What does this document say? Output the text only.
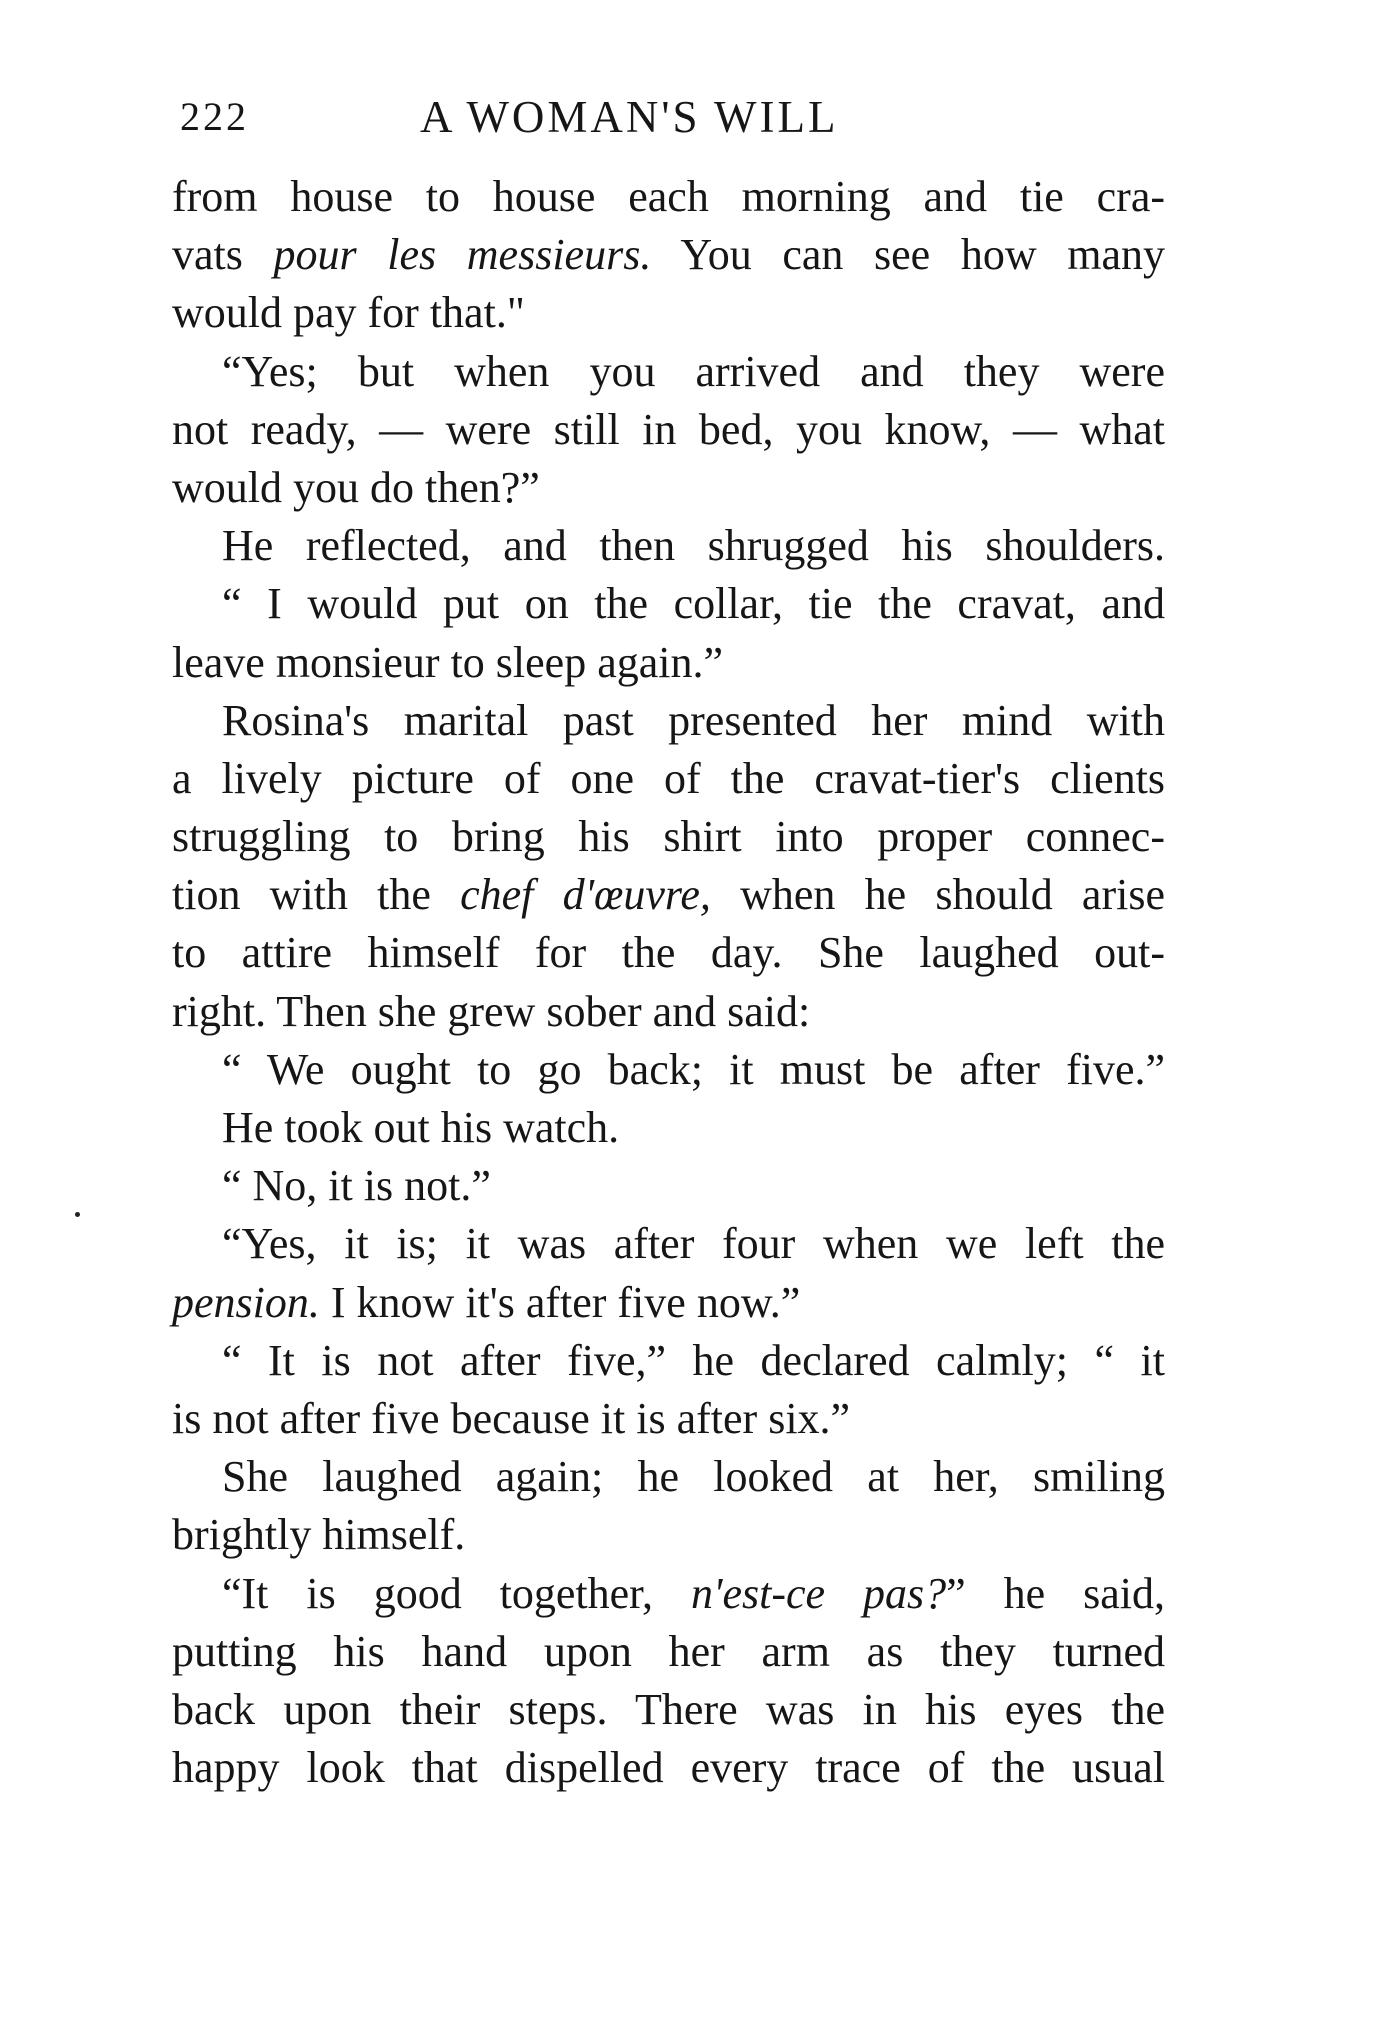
222	A WOMAN'S WILL
from house to house each morning and tie cra-
vats pour les messieurs. You can see how many
would pay for that."
“Yes; but when you arrived and they were
not ready, — were still in bed, you know, — what
would you do then?”
He reflected, and then shrugged his shoulders.
“ I would put on the collar, tie the cravat, and
leave monsieur to sleep again.”
Rosina's marital past presented her mind with
a lively picture of one of the cravat-tier's clients
struggling to bring his shirt into proper connec-
tion with the chef d'œuvre, when he should arise
to attire himself for the day. She laughed out-
right. Then she grew sober and said:
“ We ought to go back; it must be after five.”
He took out his watch.
“ No, it is not.”
“Yes, it is; it was after four when we left the
pension. I know it's after five now.”
“ It is not after five,” he declared calmly; “ it
is not after five because it is after six.”
She laughed again; he looked at her, smiling
brightly himself.
“It is good together, n'est-ce pas?” he said,
putting his hand upon her arm as they turned
back upon their steps. There was in his eyes the
happy look that dispelled every trace of the usual
